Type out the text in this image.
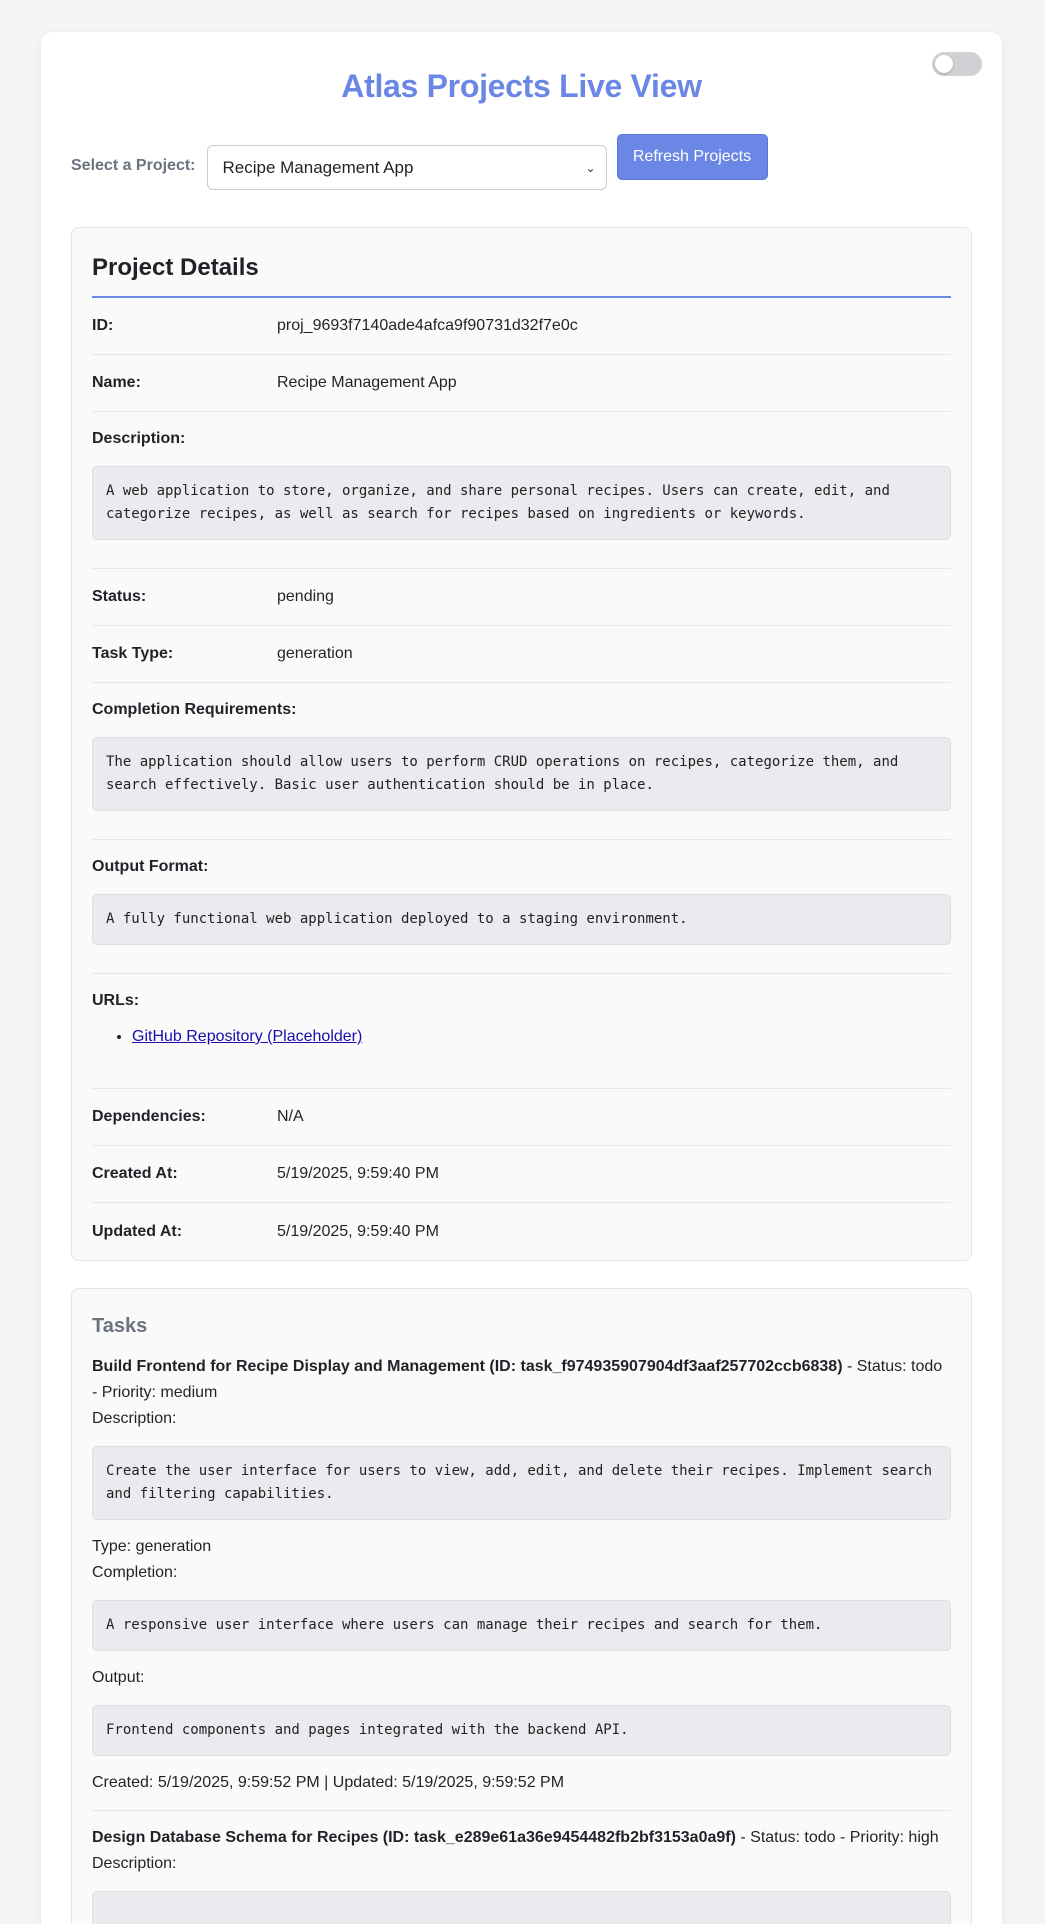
Atlas Projects Live View
Select a Project: Recipe Management App	⌄
Refresh Projects
Project Details
ID:	proj_9693f7140ade4afca9f90731d32f7e0c
Name:	Recipe Management App
Description:
A web application to store, organize, and share personal recipes. Users can create, edit, and categorize recipes, as well as search for recipes based on ingredients or keywords.
Status:	pending
Task Type:	generation
Completion Requirements:
The application should allow users to perform CRUD operations on recipes, categorize them, and search effectively. Basic user authentication should be in place.
Output Format:
A fully functional web application deployed to a staging environment.
URLs:
• GitHub Repository (Placeholder)
Dependencies:	N/A
Created At:	5/19/2025, 9:59:40 PM
Updated At:	5/19/2025, 9:59:40 PM
Tasks
Build Frontend for Recipe Display and Management (ID: task_f974935907904df3aaf257702ccb6838) - Status: todo - Priority: medium
Description:
Create the user interface for users to view, add, edit, and delete their recipes. Implement search and filtering capabilities.
Type: generation
Completion:
A responsive user interface where users can manage their recipes and search for them.
Output:
Frontend components and pages integrated with the backend API.
Created: 5/19/2025, 9:59:52 PM | Updated: 5/19/2025, 9:59:52 PM
Design Database Schema for Recipes (ID: task_e289e61a36e9454482fb2bf3153a0a9f) - Status: todo - Priority: high
Description:
